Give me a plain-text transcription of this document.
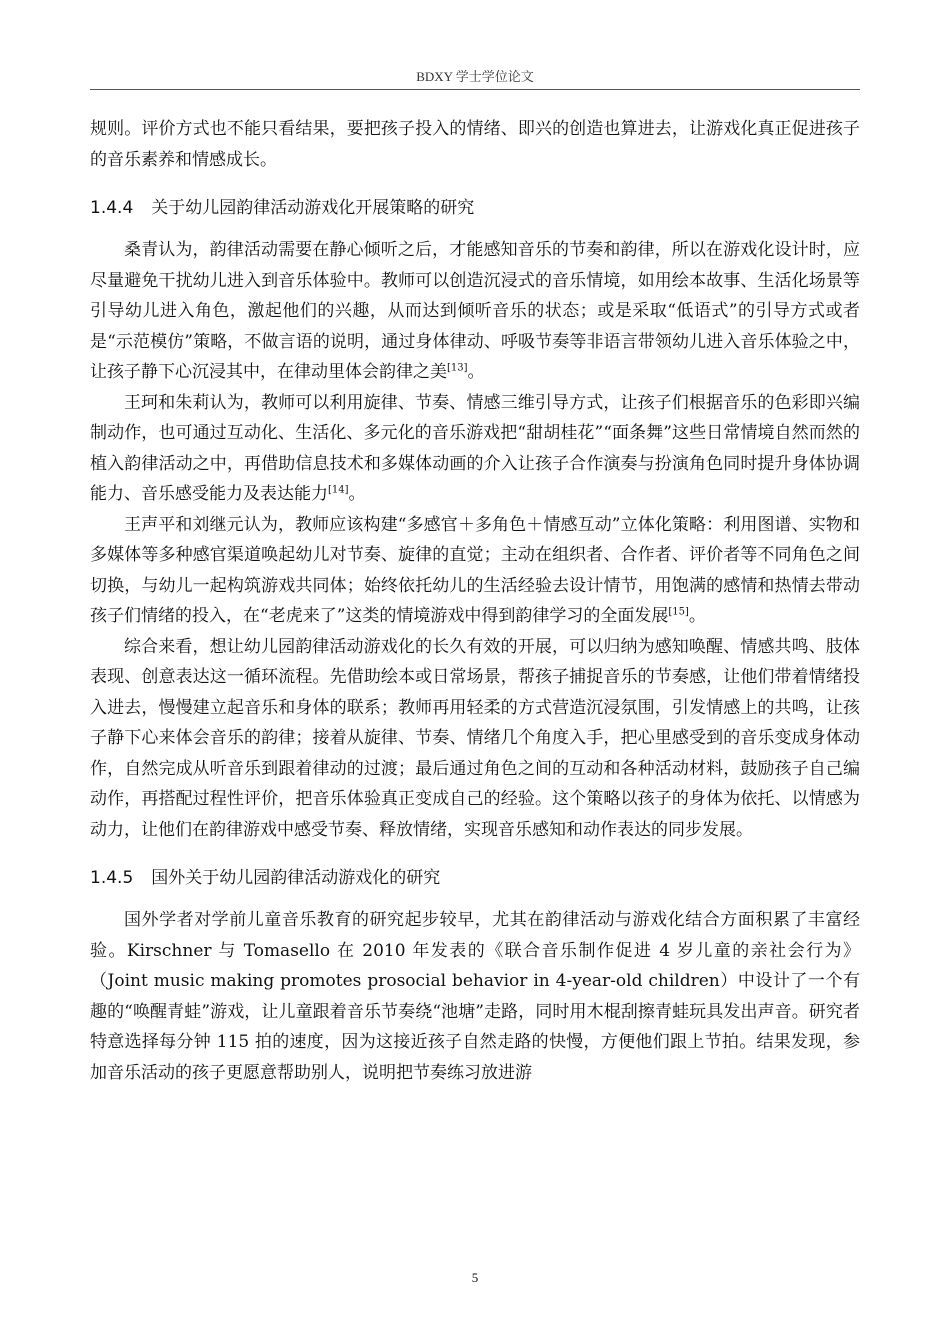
BDXY 学士学位论文

规则。评价方式也不能只看结果，要把孩子投入的情绪、即兴的创造也算进去，让游戏化真正促进孩子的音乐素养和情感成长。

1.4.4 关于幼儿园韵律活动游戏化开展策略的研究

桑青认为，韵律活动需要在静心倾听之后，才能感知音乐的节奏和韵律，所以在游戏化设计时，应尽量避免干扰幼儿进入到音乐体验中。教师可以创造沉浸式的音乐情境，如用绘本故事、生活化场景等引导幼儿进入角色，激起他们的兴趣，从而达到倾听音乐的状态；或是采取“低语式”的引导方式或者是“示范模仿”策略，不做言语的说明，通过身体律动、呼吸节奏等非语言带领幼儿进入音乐体验之中，让孩子静下心沉浸其中，在律动里体会韵律之美[13]。

王珂和朱莉认为，教师可以利用旋律、节奏、情感三维引导方式，让孩子们根据音乐的色彩即兴编制动作，也可通过互动化、生活化、多元化的音乐游戏把“甜胡桂花”“面条舞”这些日常情境自然而然的植入韵律活动之中，再借助信息技术和多媒体动画的介入让孩子合作演奏与扮演角色同时提升身体协调能力、音乐感受能力及表达能力[14]。

王声平和刘继元认为，教师应该构建“多感官＋多角色＋情感互动”立体化策略：利用图谱、实物和多媒体等多种感官渠道唤起幼儿对节奏、旋律的直觉；主动在组织者、合作者、评价者等不同角色之间切换，与幼儿一起构筑游戏共同体；始终依托幼儿的生活经验去设计情节，用饱满的感情和热情去带动孩子们情绪的投入，在“老虎来了”这类的情境游戏中得到韵律学习的全面发展[15]。

综合来看，想让幼儿园韵律活动游戏化的长久有效的开展，可以归纳为感知唤醒、情感共鸣、肢体表现、创意表达这一循环流程。先借助绘本或日常场景，帮孩子捕捉音乐的节奏感，让他们带着情绪投入进去，慢慢建立起音乐和身体的联系；教师再用轻柔的方式营造沉浸氛围，引发情感上的共鸣，让孩子静下心来体会音乐的韵律；接着从旋律、节奏、情绪几个角度入手，把心里感受到的音乐变成身体动作，自然完成从听音乐到跟着律动的过渡；最后通过角色之间的互动和各种活动材料，鼓励孩子自己编动作，再搭配过程性评价，把音乐体验真正变成自己的经验。这个策略以孩子的身体为依托、以情感为动力，让他们在韵律游戏中感受节奏、释放情绪，实现音乐感知和动作表达的同步发展。

1.4.5 国外关于幼儿园韵律活动游戏化的研究

国外学者对学前儿童音乐教育的研究起步较早，尤其在韵律活动与游戏化结合方面积累了丰富经验。Kirschner 与 Tomasello 在 2010 年发表的《联合音乐制作促进 4 岁儿童的亲社会行为》（Joint music making promotes prosocial behavior in 4-year-old children）中设计了一个有趣的“唤醒青蛙”游戏，让儿童跟着音乐节奏绕“池塘”走路，同时用木棍刮擦青蛙玩具发出声音。研究者特意选择每分钟 115 拍的速度，因为这接近孩子自然走路的快慢，方便他们跟上节拍。结果发现，参加音乐活动的孩子更愿意帮助别人，说明把节奏练习放进游

5
